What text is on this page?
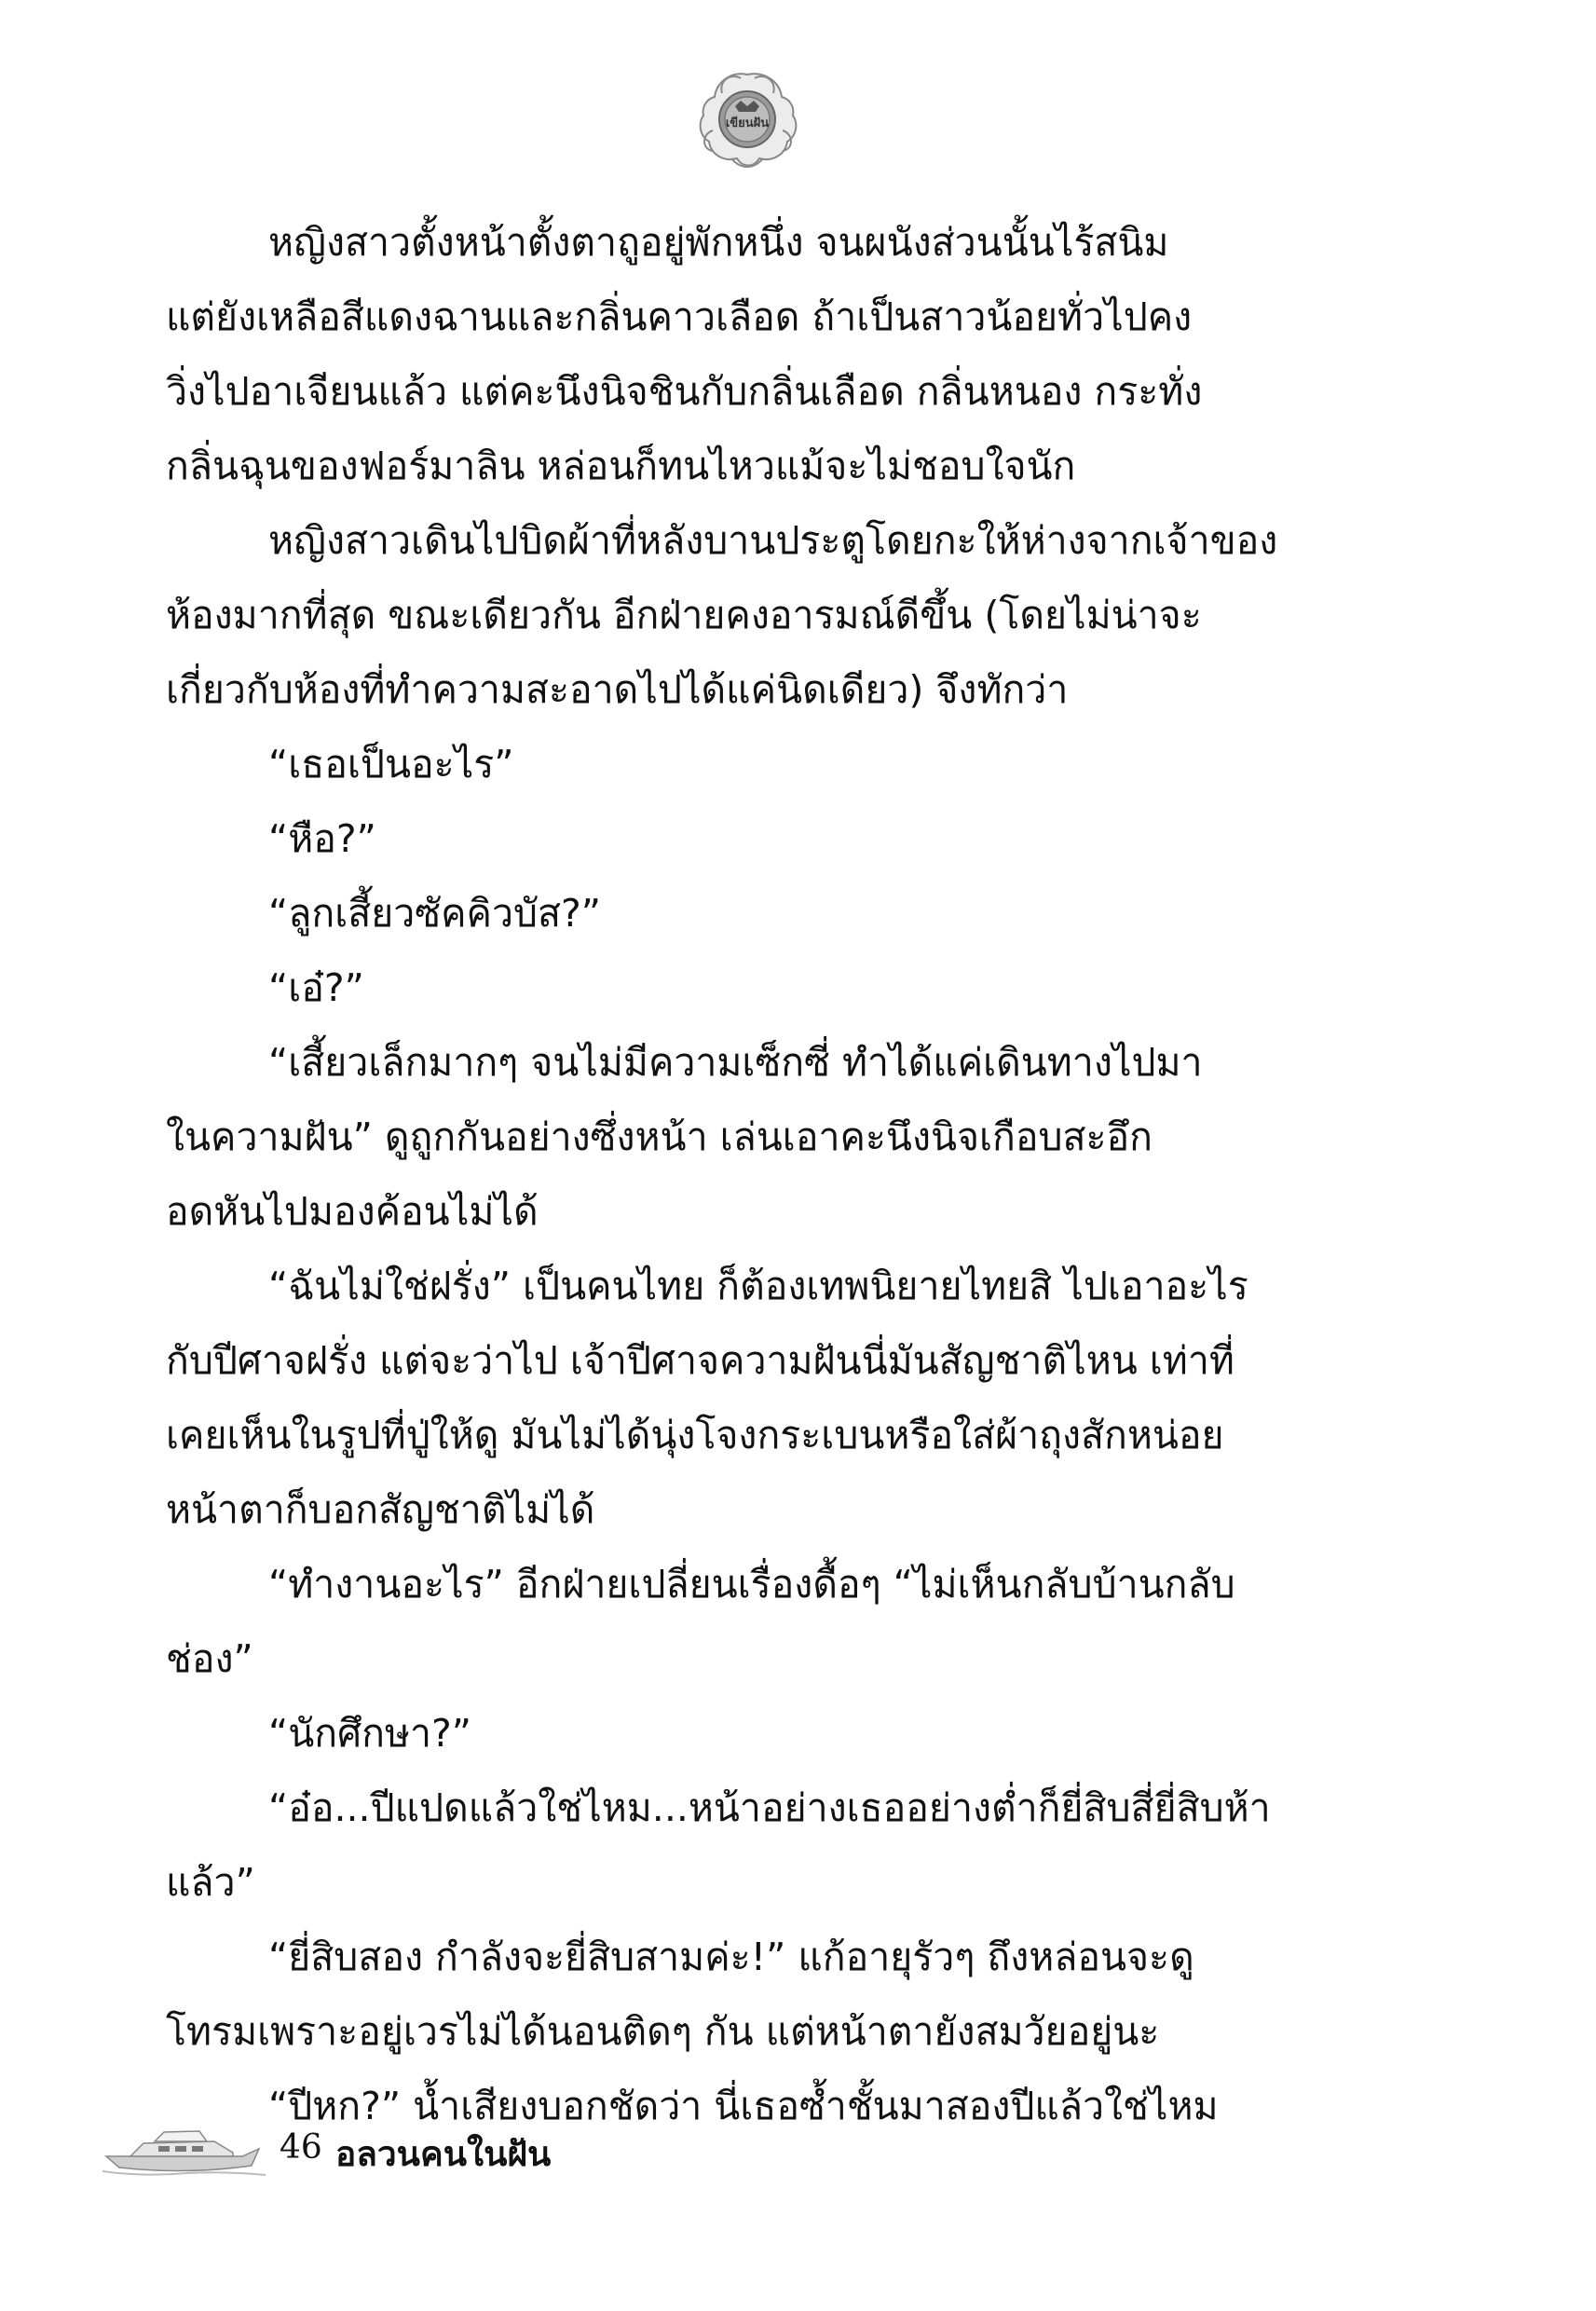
เขียนฝัน
หญิงสาวตั้งหน้าตั้งตาถูอยู่พักหนึ่ง จนผนังส่วนนั้นไร้สนิม
แต่ยังเหลือสีแดงฉานและกลิ่นคาวเลือด ถ้าเป็นสาวน้อยทั่วไปคง
วิ่งไปอาเจียนแล้ว แต่คะนึงนิจชินกับกลิ่นเลือด กลิ่นหนอง กระทั่ง
กลิ่นฉุนของฟอร์มาลิน หล่อนก็ทนไหวแม้จะไม่ชอบใจนัก
หญิงสาวเดินไปบิดผ้าที่หลังบานประตูโดยกะให้ห่างจากเจ้าของ
ห้องมากที่สุด ขณะเดียวกัน อีกฝ่ายคงอารมณ์ดีขึ้น (โดยไม่น่าจะ
เกี่ยวกับห้องที่ทำความสะอาดไปได้แค่นิดเดียว) จึงทักว่า
“เธอเป็นอะไร”
“หือ?”
“ลูกเสี้ยวซัคคิวบัส?”
“เอ๋?”
“เสี้ยวเล็กมากๆ จนไม่มีความเซ็กซี่ ทำได้แค่เดินทางไปมา
ในความฝัน” ดูถูกกันอย่างซึ่งหน้า เล่นเอาคะนึงนิจเกือบสะอึก
อดหันไปมองค้อนไม่ได้
“ฉันไม่ใช่ฝรั่ง” เป็นคนไทย ก็ต้องเทพนิยายไทยสิ ไปเอาอะไร
กับปีศาจฝรั่ง แต่จะว่าไป เจ้าปีศาจความฝันนี่มันสัญชาติไหน เท่าที่
เคยเห็นในรูปที่ปู่ให้ดู มันไม่ได้นุ่งโจงกระเบนหรือใส่ผ้าถุงสักหน่อย
หน้าตาก็บอกสัญชาติไม่ได้
“ทำงานอะไร” อีกฝ่ายเปลี่ยนเรื่องดื้อๆ “ไม่เห็นกลับบ้านกลับ
ช่อง”
“นักศึกษา?”
“อ๋อ...ปีแปดแล้วใช่ไหม...หน้าอย่างเธออย่างต่ำก็ยี่สิบสี่ยี่สิบห้า
แล้ว”
“ยี่สิบสอง กำลังจะยี่สิบสามค่ะ!” แก้อายุรัวๆ ถึงหล่อนจะดู
โทรมเพราะอยู่เวรไม่ได้นอนติดๆ กัน แต่หน้าตายังสมวัยอยู่นะ
“ปีหก?” น้ำเสียงบอกชัดว่า นี่เธอซ้ำชั้นมาสองปีแล้วใช่ไหม
46 อลวนคนในฝัน
